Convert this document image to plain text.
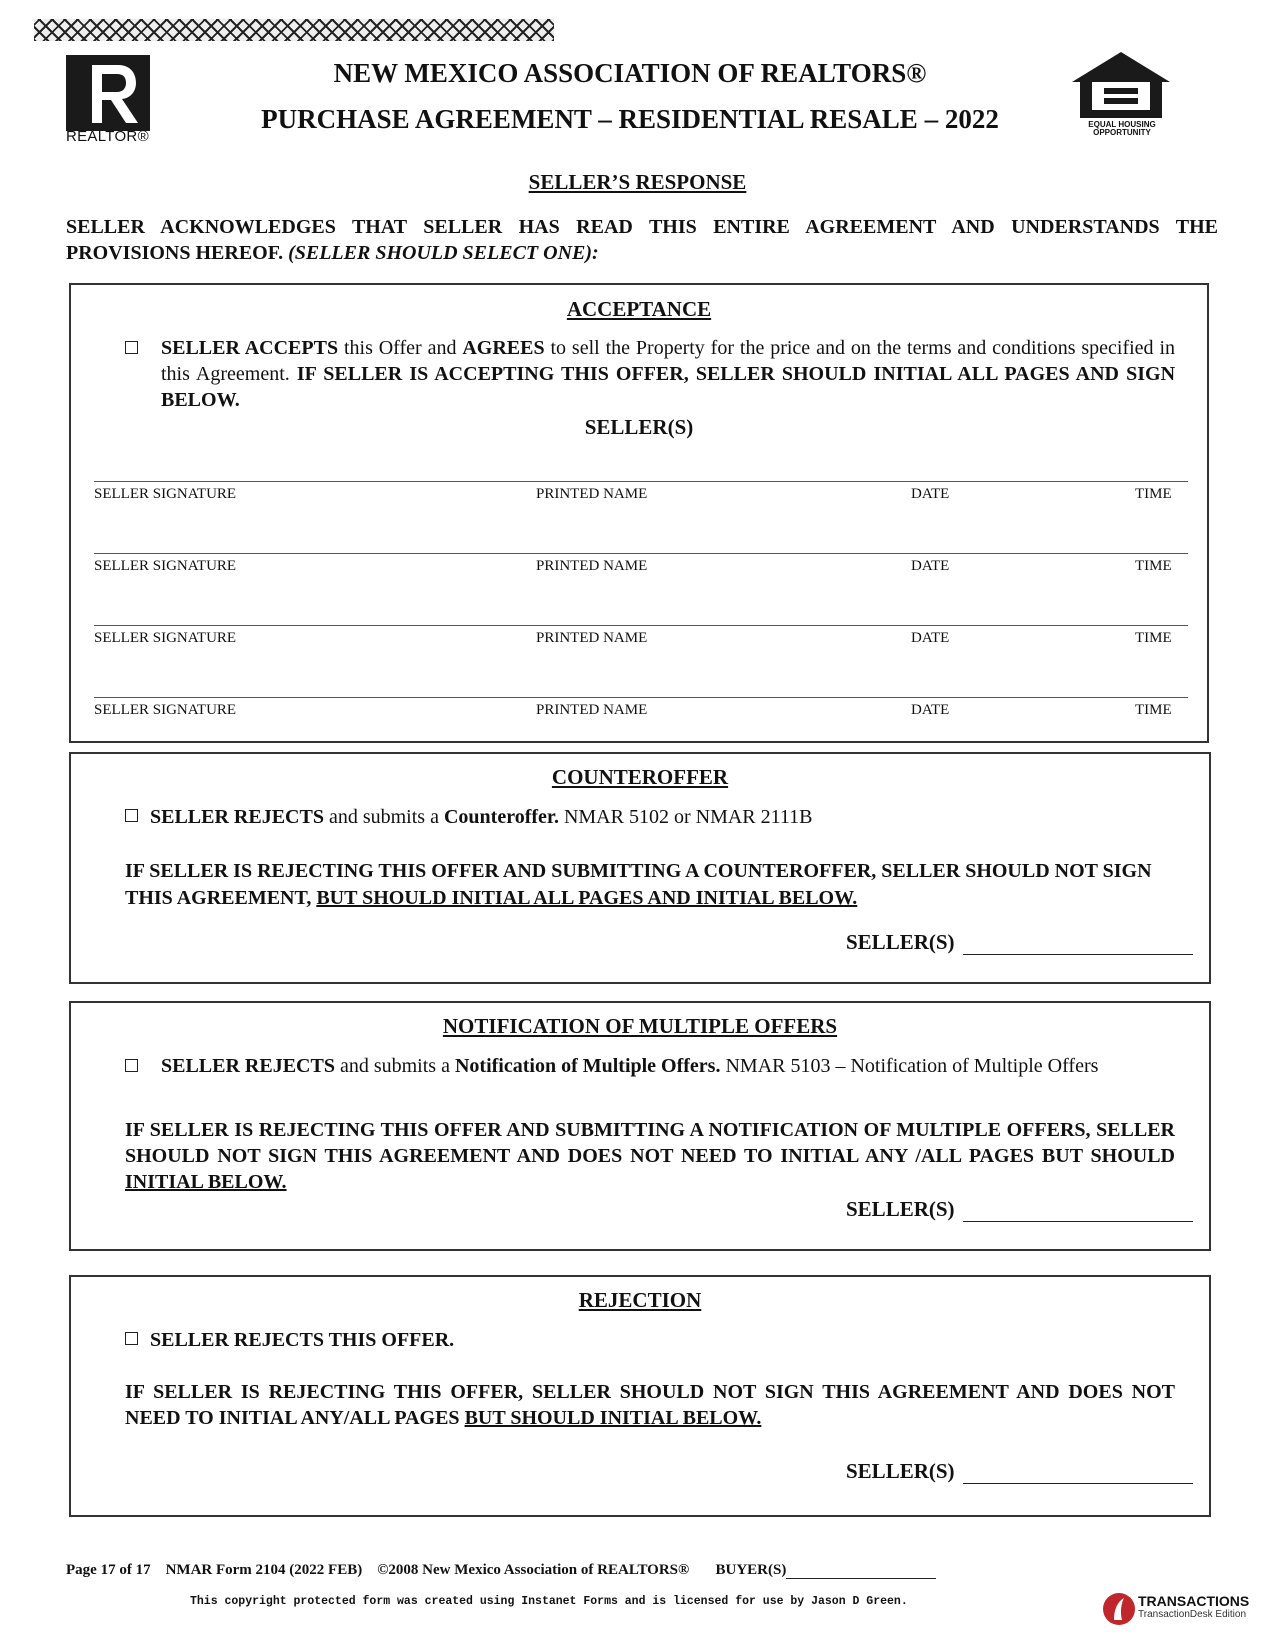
REALTOR®
EQUAL HOUSING OPPORTUNITY
NEW MEXICO ASSOCIATION OF REALTORS®
PURCHASE AGREEMENT – RESIDENTIAL RESALE – 2022
SELLER’S RESPONSE
SELLER ACKNOWLEDGES THAT SELLER HAS READ THIS ENTIRE AGREEMENT AND UNDERSTANDS THE PROVISIONS HEREOF. (SELLER SHOULD SELECT ONE):
ACCEPTANCE
SELLER ACCEPTS this Offer and AGREES to sell the Property for the price and on the terms and conditions specified in this Agreement. IF SELLER IS ACCEPTING THIS OFFER, SELLER SHOULD INITIAL ALL PAGES AND SIGN BELOW.
SELLER(S)
SELLER SIGNATURE	PRINTED NAME	DATE	TIME
SELLER SIGNATURE	PRINTED NAME	DATE	TIME
SELLER SIGNATURE	PRINTED NAME	DATE	TIME
SELLER SIGNATURE	PRINTED NAME	DATE	TIME
COUNTEROFFER
SELLER REJECTS and submits a Counteroffer. NMAR 5102 or NMAR 2111B
IF SELLER IS REJECTING THIS OFFER AND SUBMITTING A COUNTEROFFER, SELLER SHOULD NOT SIGN THIS AGREEMENT, BUT SHOULD INITIAL ALL PAGES AND INITIAL BELOW.
SELLER(S)
NOTIFICATION OF MULTIPLE OFFERS
SELLER REJECTS and submits a Notification of Multiple Offers. NMAR 5103 – Notification of Multiple Offers
IF SELLER IS REJECTING THIS OFFER AND SUBMITTING A NOTIFICATION OF MULTIPLE OFFERS, SELLER SHOULD NOT SIGN THIS AGREEMENT AND DOES NOT NEED TO INITIAL ANY /ALL PAGES BUT SHOULD INITIAL BELOW.
SELLER(S)
REJECTION
SELLER REJECTS THIS OFFER.
IF SELLER IS REJECTING THIS OFFER, SELLER SHOULD NOT SIGN THIS AGREEMENT AND DOES NOT NEED TO INITIAL ANY/ALL PAGES BUT SHOULD INITIAL BELOW.
SELLER(S)
Page 17 of 17 NMAR Form 2104 (2022 FEB) ©2008 New Mexico Association of REALTORS® BUYER(S)
This copyright protected form was created using Instanet Forms and is licensed for use by Jason D Green.	TRANSACTIONS
TransactionDesk Edition
